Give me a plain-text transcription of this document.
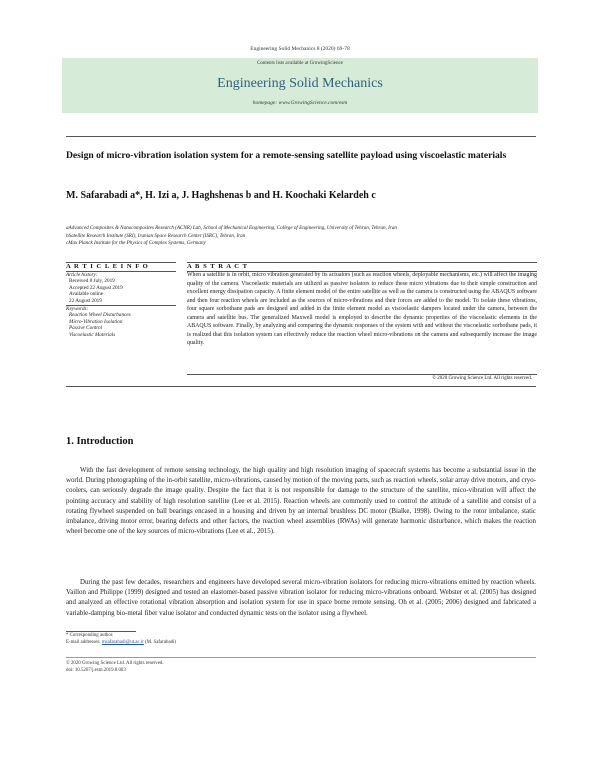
Engineering Solid Mechanics 8 (2020) 69-78
Contents lists available at GrowingScience
Engineering Solid Mechanics
homepage: www.GrowingScience.com/esm
Design of micro-vibration isolation system for a remote-sensing satellite payload using viscoelastic materials
M. Safarabadi a*, H. Izi a, J. Haghshenas b and H. Koochaki Kelardeh c
aAdvanced Composites & Nanocomposites Research (ACNR) Lab, School of Mechanical Engineering, College of Engineering, University of Tehran, Tehran, Iran
bSatellite Research Institute (SRI), Iranian Space Research Center (ISRC), Tehran, Iran
cMax Planck Institute for the Physics of Complex Systems, Germany
A R T I C L E I N F O	A B S T R A C T
Article history:
Received 8 July, 2019
Accepted 22 August 2019
Available online
22 August 2019
Keywords:
Reaction Wheel Disturbances
Micro-Vibration Isolation
Passive Control
Viscoelastic Materials
When a satellite is in orbit, micro vibration generated by its actuators (such as reaction wheels, deployable mechanisms, etc.) will affect the imaging quality of the camera. Viscoelastic materials are utilized as passive isolators to reduce these micro vibrations due to their simple construction and excellent energy dissipation capacity. A finite element model of the entire satellite as well as the camera is constructed using the ABAQUS software and then four reaction wheels are included as the sources of micro-vibrations and their forces are added to the model. To isolate these vibrations, four square sorbothane pads are designed and added in the finite element model as viscoelastic dampers located under the camera, between the camera and satellite bus. The generalized Maxwell model is employed to describe the dynamic properties of the viscoelastic elements in the ABAQUS software. Finally, by analyzing and comparing the dynamic responses of the system with and without the viscoelastic sorbothane pads, it is realized that this isolation system can effectively reduce the reaction wheel micro-vibrations on the camera and subsequently increase the image quality.
© 2020 Growing Science Ltd. All rights reserved.
1. Introduction
With the fast development of remote sensing technology, the high quality and high resolution imaging of spacecraft systems has become a substantial issue in the world. During photographing of the in-orbit satellite, micro-vibrations, caused by motion of the moving parts, such as reaction wheels, solar array drive motors, and cryo-coolers, can seriously degrade the image quality. Despite the fact that it is not responsible for damage to the structure of the satellite, mico-vibration will affect the pointing accuracy and stability of high resolution satellite (Lee et al. 2015). Reaction wheels are commonly used to control the attitude of a satellite and consist of a rotating flywheel suspended on ball bearings encased in a housing and driven by an internal brushless DC motor (Bialke, 1998). Owing to the rotor imbalance, static imbalance, driving motor error, bearing defects and other factors, the reaction wheel assemblies (RWAs) will generate harmonic disturbance, which makes the reaction wheel become one of the key sources of micro-vibrations (Lee et al., 2015).
During the past few decades, researchers and engineers have developed several micro-vibration isolators for reducing micro-vibrations emitted by reaction wheels. Vaillon and Philippe (1999) designed and tested an elastomer-based passive vibration isolator for reducing micro-vibrations onboard. Webster et al. (2005) has designed and analyzed an effective rotational vibration absorption and isolation system for use in space borne remote sensing. Oh et al. (2005; 2006) designed and fabricated a variable-damping bio-metal fiber value isolator and conducted dynamic tests on the isolator using a flywheel.
* Corresponding author.
E-mail addresses: msafarabadi@ut.ac.ir (M. Safarabadi)
© 2020 Growing Science Ltd. All rights reserved.
doi: 10.5267/j.esm.2019.8.003
